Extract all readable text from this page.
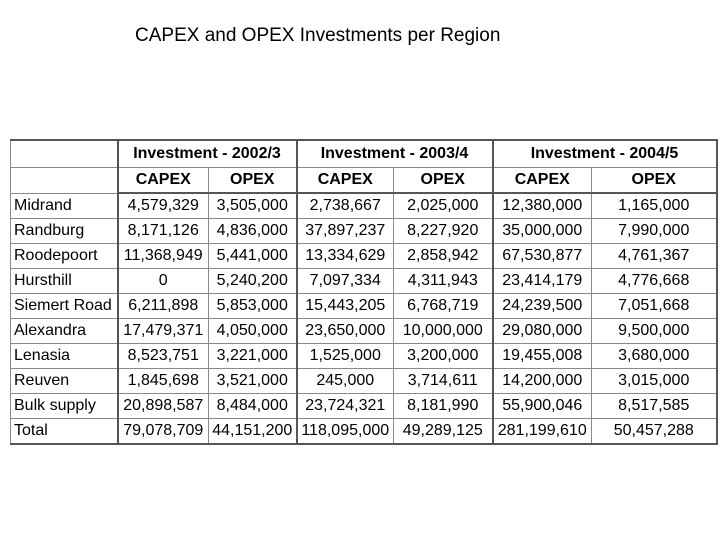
CAPEX and OPEX Investments per Region
	Investment - 2002/3		Investment - 2003/4		Investment - 2004/5	
	CAPEX	OPEX	CAPEX	OPEX	CAPEX	OPEX
Midrand	4,579,329	3,505,000	2,738,667	2,025,000	12,380,000	1,165,000
Randburg	8,171,126	4,836,000	37,897,237	8,227,920	35,000,000	7,990,000
Roodepoort	11,368,949	5,441,000	13,334,629	2,858,942	67,530,877	4,761,367
Hursthill	0	5,240,200	7,097,334	4,311,943	23,414,179	4,776,668
Siemert Road	6,211,898	5,853,000	15,443,205	6,768,719	24,239,500	7,051,668
Alexandra	17,479,371	4,050,000	23,650,000	10,000,000	29,080,000	9,500,000
Lenasia	8,523,751	3,221,000	1,525,000	3,200,000	19,455,008	3,680,000
Reuven	1,845,698	3,521,000	245,000	3,714,611	14,200,000	3,015,000
Bulk supply	20,898,587	8,484,000	23,724,321	8,181,990	55,900,046	8,517,585
Total	79,078,709	44,151,200	118,095,000	49,289,125	281,199,610	50,457,288
